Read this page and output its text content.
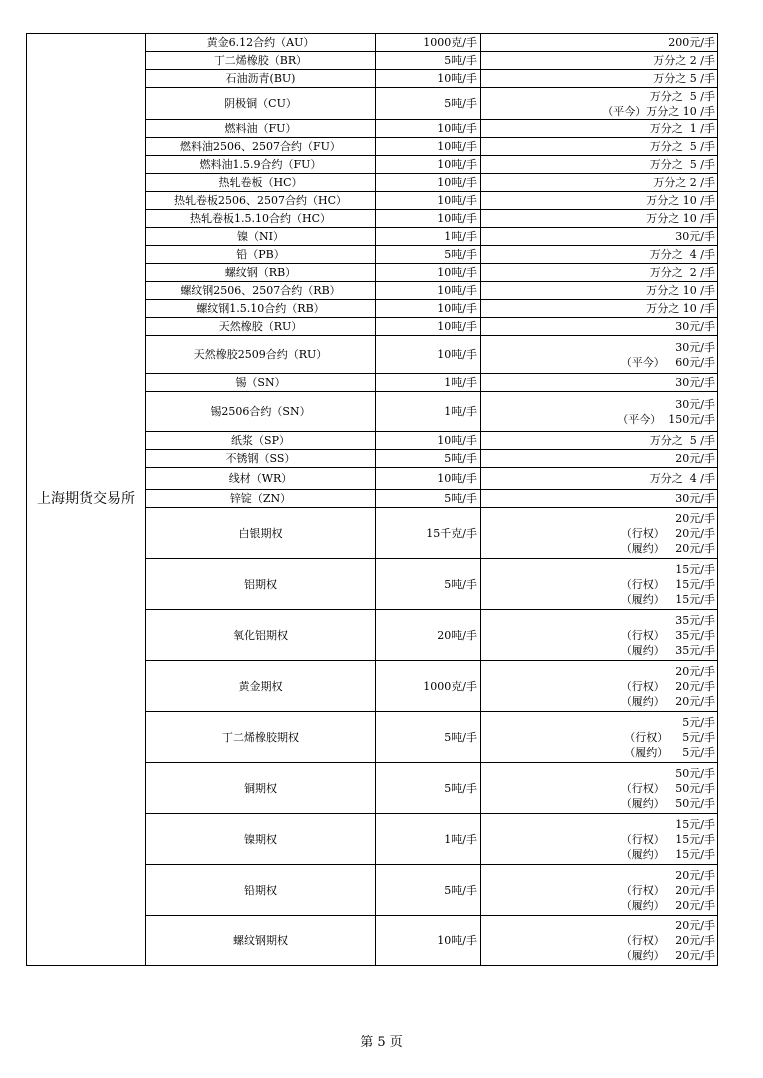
上海期货交易所	黄金6.12合约（AU）	1000克/手	200元/手

	丁二烯橡胶（BR）	5吨/手	万分之 2 /手

	石油沥青(BU)	10吨/手	万分之 5 /手

	阴极铜（CU）	5吨/手	万分之  5 /手
（平今）万分之 10 /手

	燃料油（FU）	10吨/手	万分之  1 /手

	燃料油2506、2507合约（FU）	10吨/手	万分之  5 /手

	燃料油1.5.9合约（FU）	10吨/手	万分之  5 /手

	热轧卷板（HC）	10吨/手	万分之 2 /手

	热轧卷板2506、2507合约（HC）	10吨/手	万分之 10 /手

	热轧卷板1.5.10合约（HC）	10吨/手	万分之 10 /手

	镍（NI）	1吨/手	30元/手

	铅（PB）	5吨/手	万分之  4 /手

	螺纹钢（RB）	10吨/手	万分之  2 /手

	螺纹钢2506、2507合约（RB）	10吨/手	万分之 10 /手

	螺纹钢1.5.10合约（RB）	10吨/手	万分之 10 /手

	天然橡胶（RU）	10吨/手	30元/手

	天然橡胶2509合约（RU）	10吨/手	30元/手
（平今）   60元/手

	锡（SN）	1吨/手	30元/手

	锡2506合约（SN）	1吨/手	30元/手
（平今）  150元/手

	纸浆（SP）	10吨/手	万分之  5 /手

	不锈钢（SS）	5吨/手	20元/手

	线材（WR）	10吨/手	万分之  4 /手

	锌锭（ZN）	5吨/手	30元/手

	白银期权	15千克/手	20元/手
（行权）   20元/手
（履约）   20元/手

	铝期权	5吨/手	15元/手
（行权）   15元/手
（履约）   15元/手

	氧化铝期权	20吨/手	35元/手
（行权）   35元/手
（履约）   35元/手

	黄金期权	1000克/手	20元/手
（行权）   20元/手
（履约）   20元/手

	丁二烯橡胶期权	5吨/手	5元/手
（行权）    5元/手
（履约）    5元/手

	铜期权	5吨/手	50元/手
（行权）   50元/手
（履约）   50元/手

	镍期权	1吨/手	15元/手
（行权）   15元/手
（履约）   15元/手

	铅期权	5吨/手	20元/手
（行权）   20元/手
（履约）   20元/手

	螺纹钢期权	10吨/手	20元/手
（行权）   20元/手
（履约）   20元/手
第 5 页
